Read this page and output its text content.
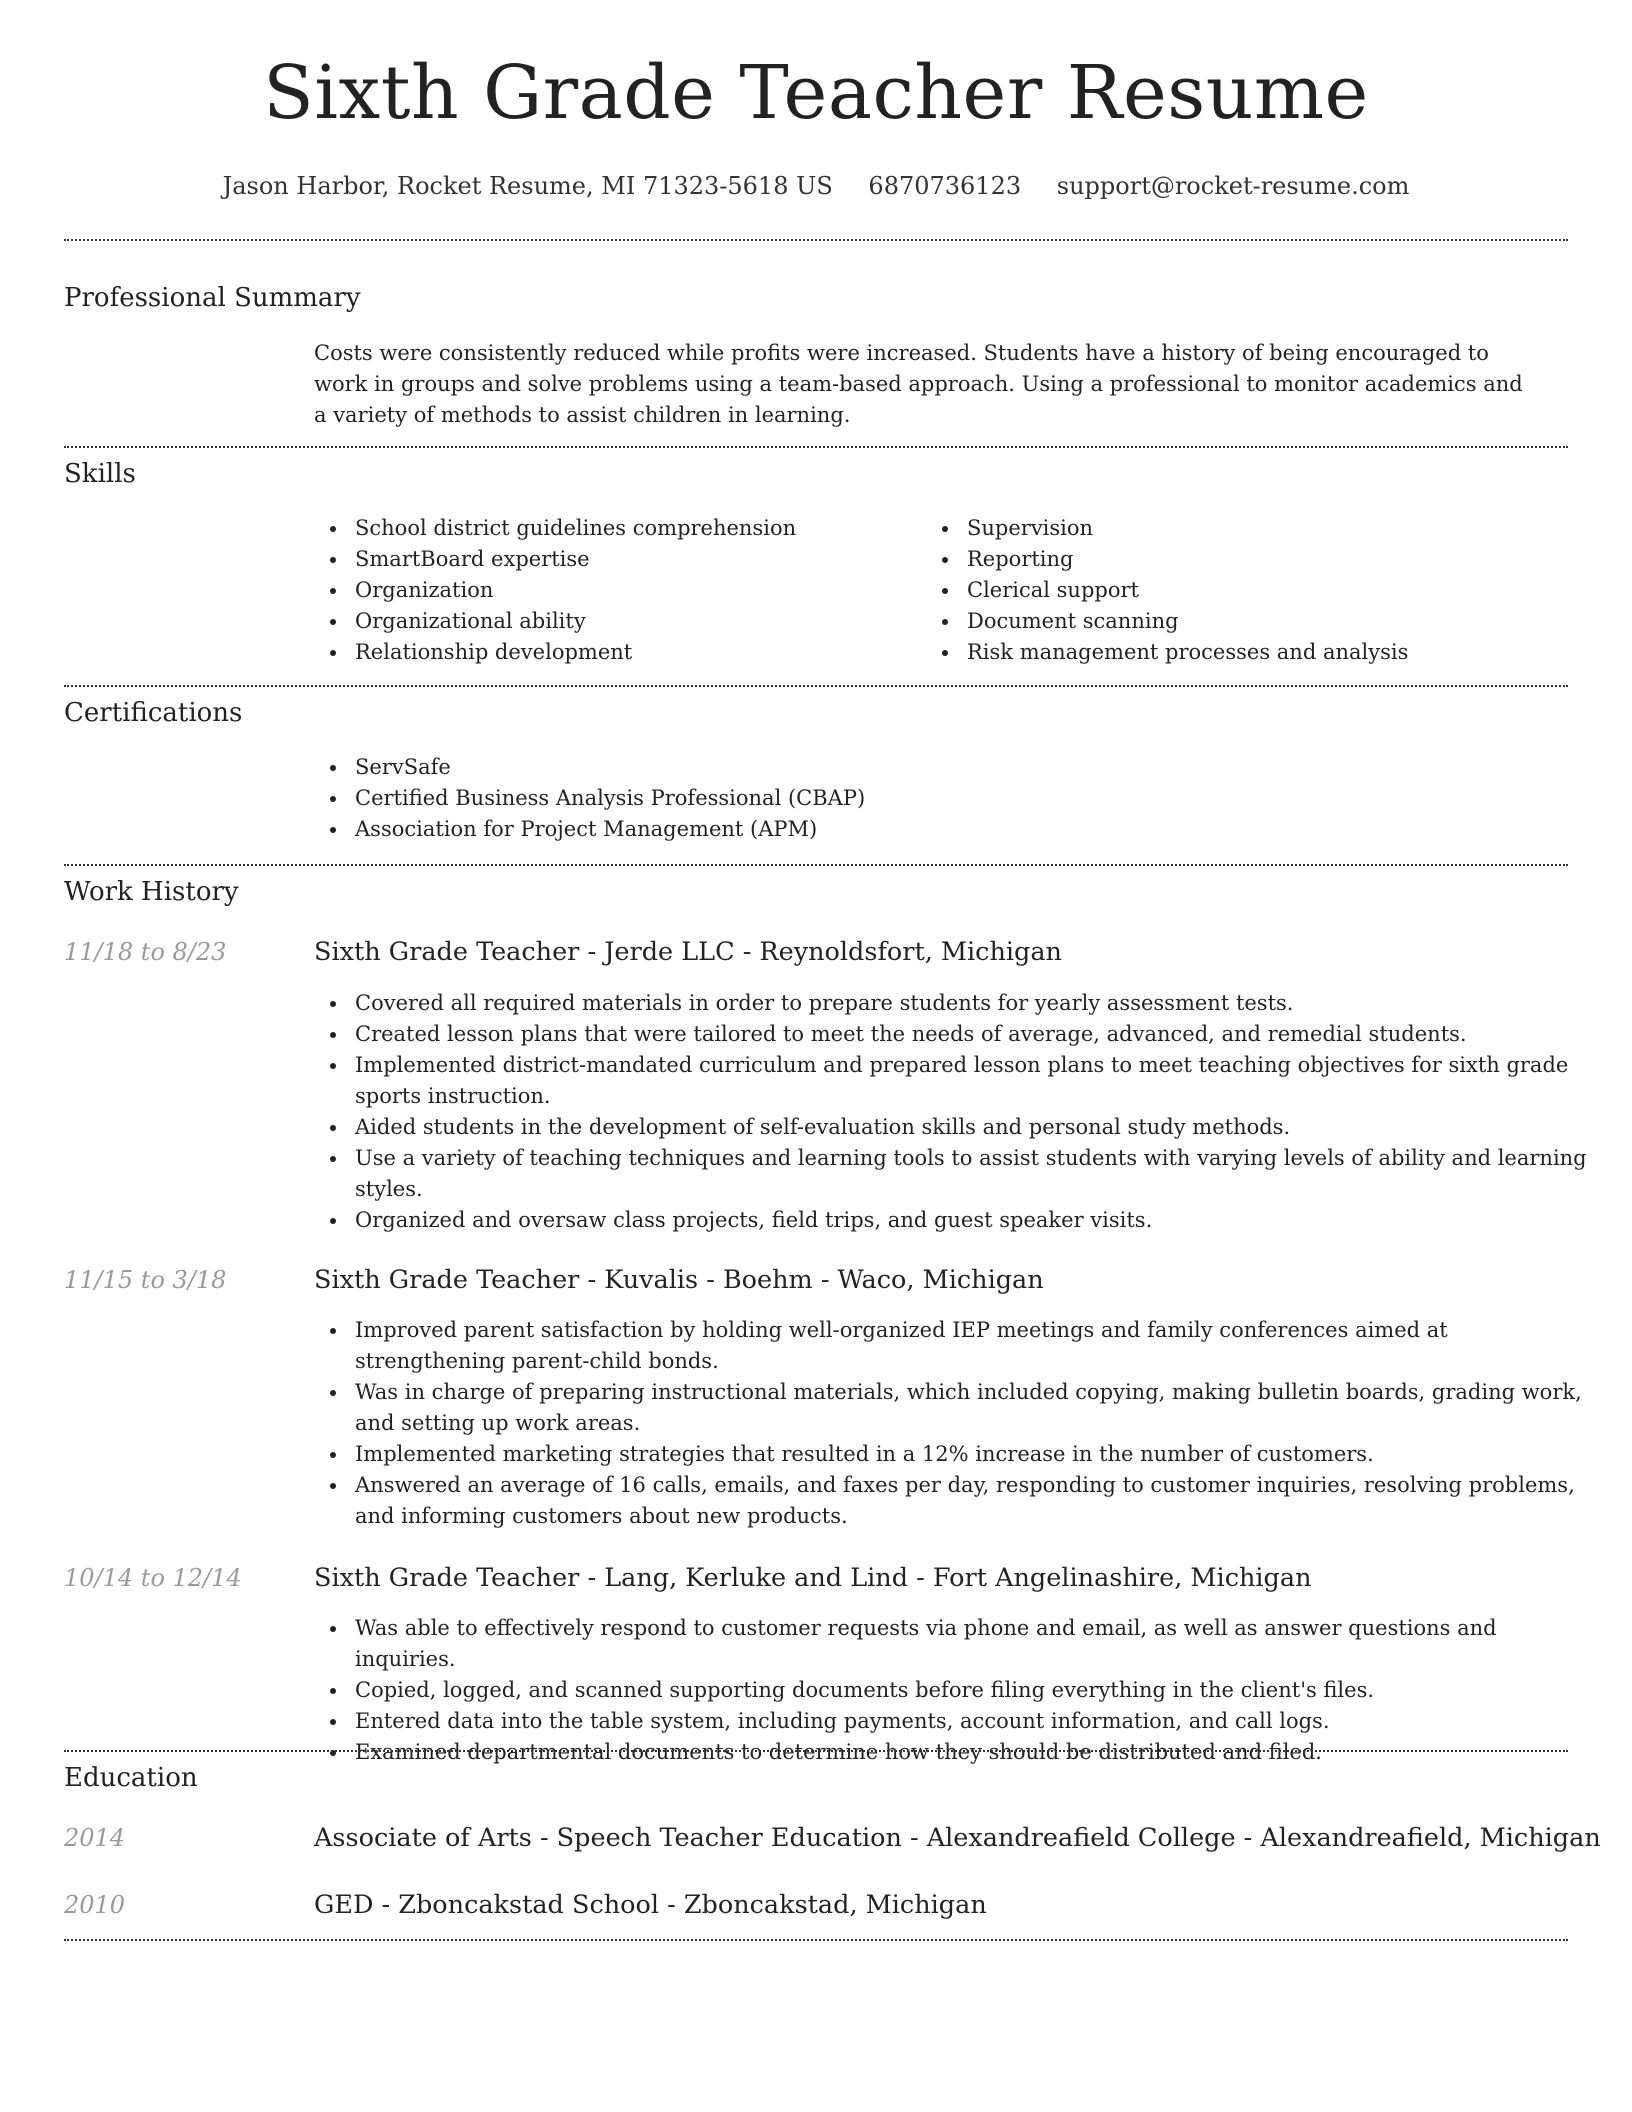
Sixth Grade Teacher Resume
Jason Harbor, Rocket Resume, MI 71323-5618 US 6870736123 support@rocket-resume.com
Professional Summary

Costs were consistently reduced while profits were increased. Students have a history of being encouraged to work in groups and solve problems using a team-based approach. Using a professional to monitor academics and a variety of methods to assist children in learning.

Skills
School district guidelines comprehension
SmartBoard expertise
Organization
Organizational ability
Relationship development
Supervision
Reporting
Clerical support
Document scanning
Risk management processes and analysis
Certifications
ServSafe
Certified Business Analysis Professional (CBAP)
Association for Project Management (APM)
Work History
11/18 to 8/23	Sixth Grade Teacher - Jerde LLC - Reynoldsfort, Michigan
Covered all required materials in order to prepare students for yearly assessment tests.
Created lesson plans that were tailored to meet the needs of average, advanced, and remedial students.
Implemented district-mandated curriculum and prepared lesson plans to meet teaching objectives for sixth grade sports instruction.
Aided students in the development of self-evaluation skills and personal study methods.
Use a variety of teaching techniques and learning tools to assist students with varying levels of ability and learning styles.
Organized and oversaw class projects, field trips, and guest speaker visits.
11/15 to 3/18	Sixth Grade Teacher - Kuvalis - Boehm - Waco, Michigan
Improved parent satisfaction by holding well-organized IEP meetings and family conferences aimed at strengthening parent-child bonds.
Was in charge of preparing instructional materials, which included copying, making bulletin boards, grading work, and setting up work areas.
Implemented marketing strategies that resulted in a 12% increase in the number of customers.
Answered an average of 16 calls, emails, and faxes per day, responding to customer inquiries, resolving problems, and informing customers about new products.
10/14 to 12/14	Sixth Grade Teacher - Lang, Kerluke and Lind - Fort Angelinashire, Michigan
Was able to effectively respond to customer requests via phone and email, as well as answer questions and inquiries.
Copied, logged, and scanned supporting documents before filing everything in the client's files.
Entered data into the table system, including payments, account information, and call logs.
Examined departmental documents to determine how they should be distributed and filed.
Education
2014	Associate of Arts - Speech Teacher Education - Alexandreafield College - Alexandreafield, Michigan
2010	GED - Zboncakstad School - Zboncakstad, Michigan
